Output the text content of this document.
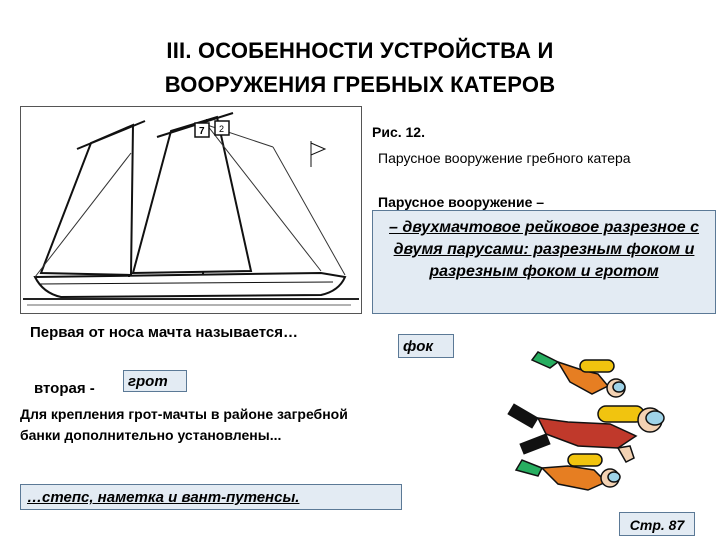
III. ОСОБЕННОСТИ УСТРОЙСТВА И
ВООРУЖЕНИЯ ГРЕБНЫХ КАТЕРОВ
7 2	Рис. 12.
Парусное вооружение гребного катера
Парусное вооружение –
– двухмачтовое рейковое разрезное с двумя парусами: разрезным фоком и разрезным фоком и гротом
Первая от носа мачта называется…
фок
вторая -	грот
Для крепления грот-мачты в районе загребной банки дополнительно установлены...
…степс, наметка и вант-путенсы.
Стр. 87
